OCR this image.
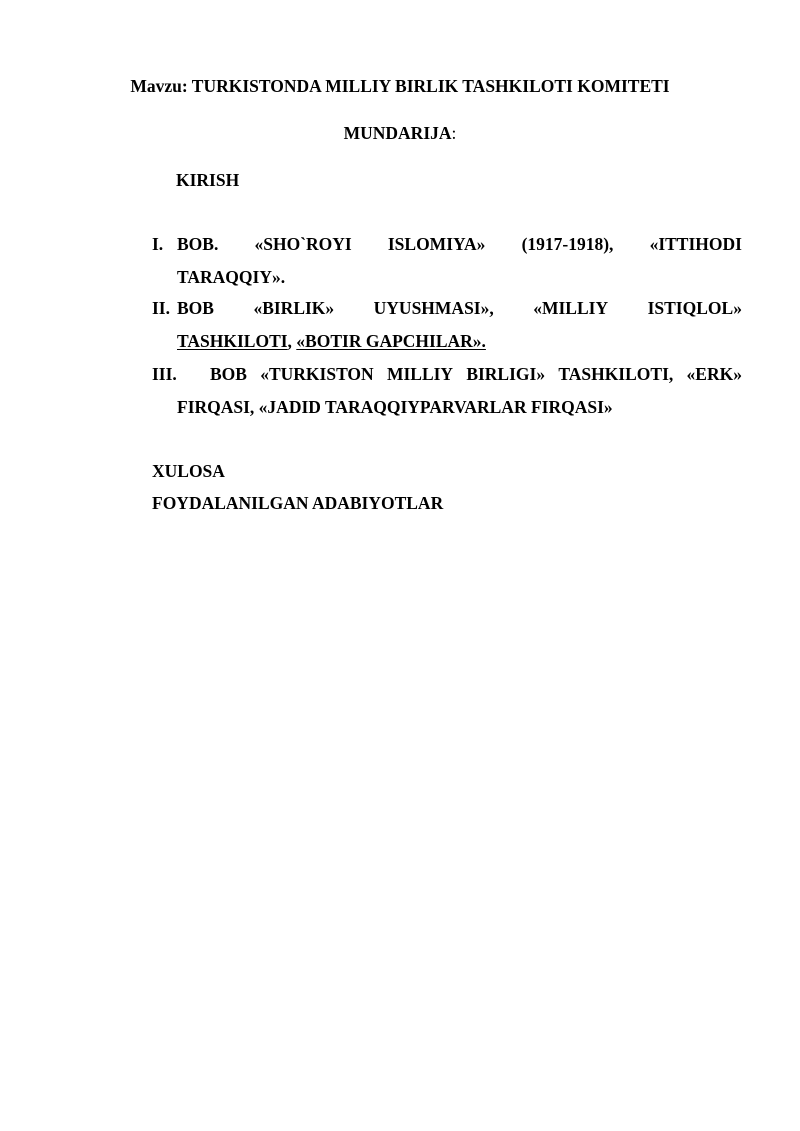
Mavzu: TURKISTONDA MILLIY BIRLIK TASHKILOTI KOMITETI
MUNDARIJA:
KIRISH
I. BOB. «SHO`ROYI ISLOMIYA» (1917-1918), «ITTIHODI
TARAQQIY».
II. BOB «BIRLIK» UYUSHMASI», «MILLIY ISTIQLOL»
TASHKILOTI, «BOTIR GAPCHILAR».
III. BOB «TURKISTON MILLIY BIRLIGI» TASHKILOTI, «ERK»
FIRQASI, «JADID TARAQQIYPARVARLAR FIRQASI»
XULOSA
FOYDALANILGAN ADABIYOTLAR
